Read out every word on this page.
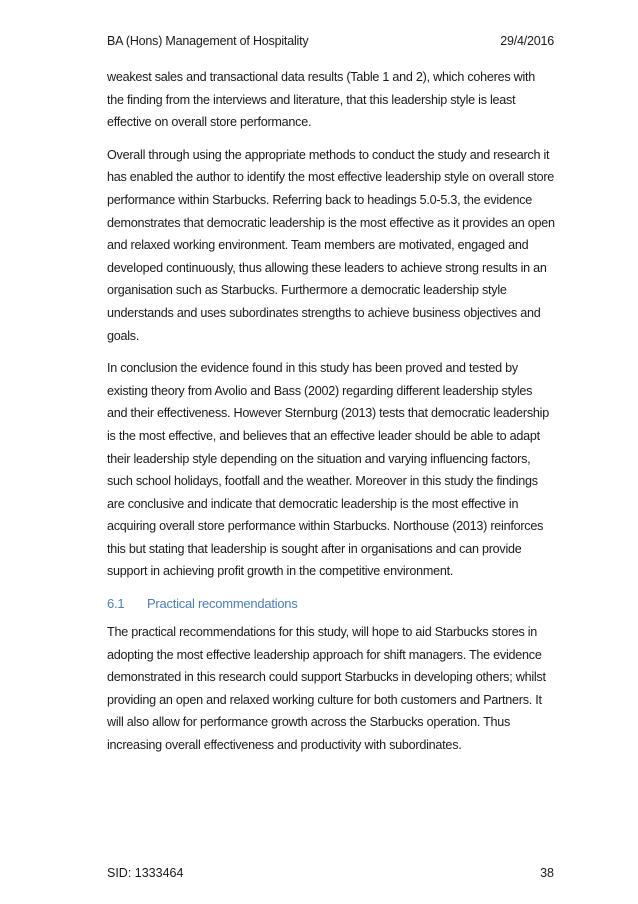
BA (Hons) Management of Hospitality	29/4/2016

weakest sales and transactional data results (Table 1 and 2), which coheres with the finding from the interviews and literature, that this leadership style is least effective on overall store performance.

Overall through using the appropriate methods to conduct the study and research it has enabled the author to identify the most effective leadership style on overall store performance within Starbucks. Referring back to headings 5.0-5.3, the evidence demonstrates that democratic leadership is the most effective as it provides an open and relaxed working environment. Team members are motivated, engaged and developed continuously, thus allowing these leaders to achieve strong results in an organisation such as Starbucks. Furthermore a democratic leadership style understands and uses subordinates strengths to achieve business objectives and goals.

In conclusion the evidence found in this study has been proved and tested by existing theory from Avolio and Bass (2002) regarding different leadership styles and their effectiveness. However Sternburg (2013) tests that democratic leadership is the most effective, and believes that an effective leader should be able to adapt their leadership style depending on the situation and varying influencing factors, such school holidays, footfall and the weather. Moreover in this study the findings are conclusive and indicate that democratic leadership is the most effective in acquiring overall store performance within Starbucks. Northouse (2013) reinforces this but stating that leadership is sought after in organisations and can provide support in achieving profit growth in the competitive environment.

6.1	Practical recommendations

The practical recommendations for this study, will hope to aid Starbucks stores in adopting the most effective leadership approach for shift managers. The evidence demonstrated in this research could support Starbucks in developing others; whilst providing an open and relaxed working culture for both customers and Partners. It will also allow for performance growth across the Starbucks operation. Thus increasing overall effectiveness and productivity with subordinates.

SID: 1333464	38
